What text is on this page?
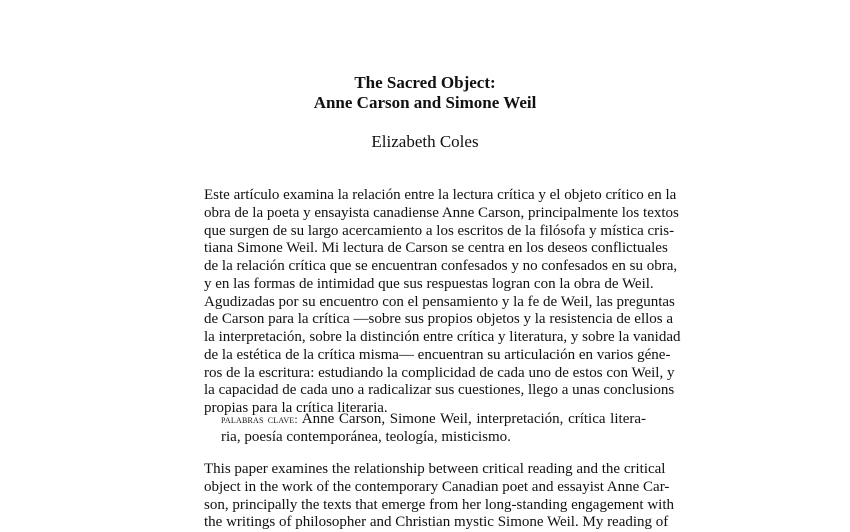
The Sacred Object:
Anne Carson and Simone Weil
Elizabeth Coles
Este artículo examina la relación entre la lectura crítica y el objeto crítico en la
obra de la poeta y ensayista canadiense Anne Carson, principalmente los textos
que surgen de su largo acercamiento a los escritos de la filósofa y mística cris-
tiana Simone Weil. Mi lectura de Carson se centra en los deseos conflictuales
de la relación crítica que se encuentran confesados y no confesados en su obra,
y en las formas de intimidad que sus respuestas logran con la obra de Weil.
Agudizadas por su encuentro con el pensamiento y la fe de Weil, las preguntas
de Carson para la crítica —sobre sus propios objetos y la resistencia de ellos a
la interpretación, sobre la distinción entre crítica y literatura, y sobre la vanidad
de la estética de la crítica misma— encuentran su articulación en varios géne-
ros de la escritura: estudiando la complicidad de cada uno de estos con Weil, y
la capacidad de cada uno a radicalizar sus cuestiones, llego a unas conclusions
propias para la crítica literaria.
palabras clave: Anne Carson, Simone Weil, interpretación, crítica litera-
ria, poesía contemporánea, teología, misticismo.
This paper examines the relationship between critical reading and the critical
object in the work of the contemporary Canadian poet and essayist Anne Car-
son, principally the texts that emerge from her long-standing engagement with
the writings of philosopher and Christian mystic Simone Weil. My reading of
